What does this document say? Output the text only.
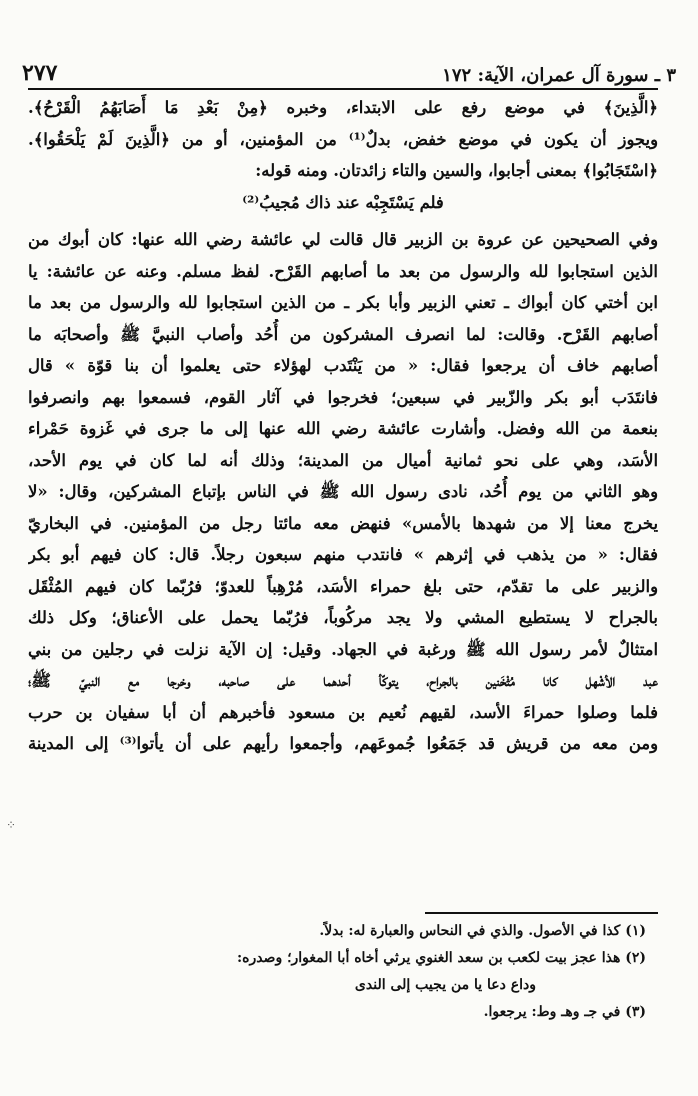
٢٧٧	٣ ـ سورة آل عمران، الآية: ١٧٢
﴿الَّذِينَ﴾ في موضع رفع على الابتداء، وخبره ﴿مِنْ بَعْدِ مَا أَصَابَهُمُ الْقَرْحُ﴾.
ويجوز أن يكون في موضع خفض، بدلٌ⁽¹⁾ من المؤمنين، أو من ﴿الَّذِينَ لَمْ يَلْحَقُوا﴾.
﴿اسْتَجَابُوا﴾ بمعنى أجابوا، والسين والتاء زائدتان. ومنه قوله:
فلم يَسْتَجِبْه عند ذاك مُجيبُ⁽²⁾
وفي الصحيحين عن عروة بن الزبير قال قالت لي عائشة رضي الله عنها: كان أبوك من
الذين استجابوا لله والرسول من بعد ما أصابهم القَرْح. لفظ مسلم. وعنه عن عائشة: يا
ابن أختي كان أبواك ـ تعني الزبير وأبا بكر ـ من الذين استجابوا لله والرسول من بعد ما
أصابهم القَرْح. وقالت: لما انصرف المشركون من أُحُد وأصاب النبيَّ ﷺ وأصحابَه ما
أصابهم خاف أن يرجعوا فقال: « من يَنْتَدب لهؤلاء حتى يعلموا أن بنا قوّة » قال
فانتَدَب أبو بكر والزّبير في سبعين؛ فخرجوا في آثار القوم، فسمعوا بهم وانصرفوا
بنعمة من الله وفضل. وأشارت عائشة رضي الله عنها إلى ما جرى في غَزوة حَمْراء
الأسَد، وهي على نحو ثمانية أميال من المدينة؛ وذلك أنه لما كان في يوم الأحد،
وهو الثاني من يوم أُحُد، نادى رسول الله ﷺ في الناس بإتباع المشركين، وقال: «لا
يخرج معنا إلا من شهدها بالأمس» فنهض معه مائتا رجل من المؤمنين. في البخاريّ
فقال: « من يذهب في إثرهم » فانتدب منهم سبعون رجلاً. قال: كان فيهم أبو بكر
والزبير على ما تقدّم، حتى بلغ حمراء الأسَد، مُرْهِباً للعدوّ؛ فرُبّما كان فيهم المُثْقَل
بالجراح لا يستطيع المشي ولا يجد مركُوباً، فرُبّما يحمل على الأعناق؛ وكل ذلك
امتثالٌ لأمر رسول الله ﷺ ورغبة في الجهاد. وقيل: إن الآية نزلت في رجلين من بني
عبد الأشْهل كانا مُثْخَنين بالجراح، يتوكّأ أحدهما على صاحبه، وخرجا مع النبيّ ﷺ؛
فلما وصلوا حمراءَ الأسد، لقيهم نُعيم بن مسعود فأخبرهم أن أبا سفيان بن حرب
ومن معه من قريش قد جَمَعُوا جُموعَهم، وأجمعوا رأيهم على أن يأتوا⁽³⁾ إلى المدينة
⁘
(١) كذا في الأصول. والذي في النحاس والعبارة له: بدلاً.
(٢) هذا عجز بيت لكعب بن سعد الغنوي يرثي أخاه أبا المغوار؛ وصدره:
وداع دعا يا من يجيب إلى الندى
(٣) في جـ وهـ وط: يرجعوا.
